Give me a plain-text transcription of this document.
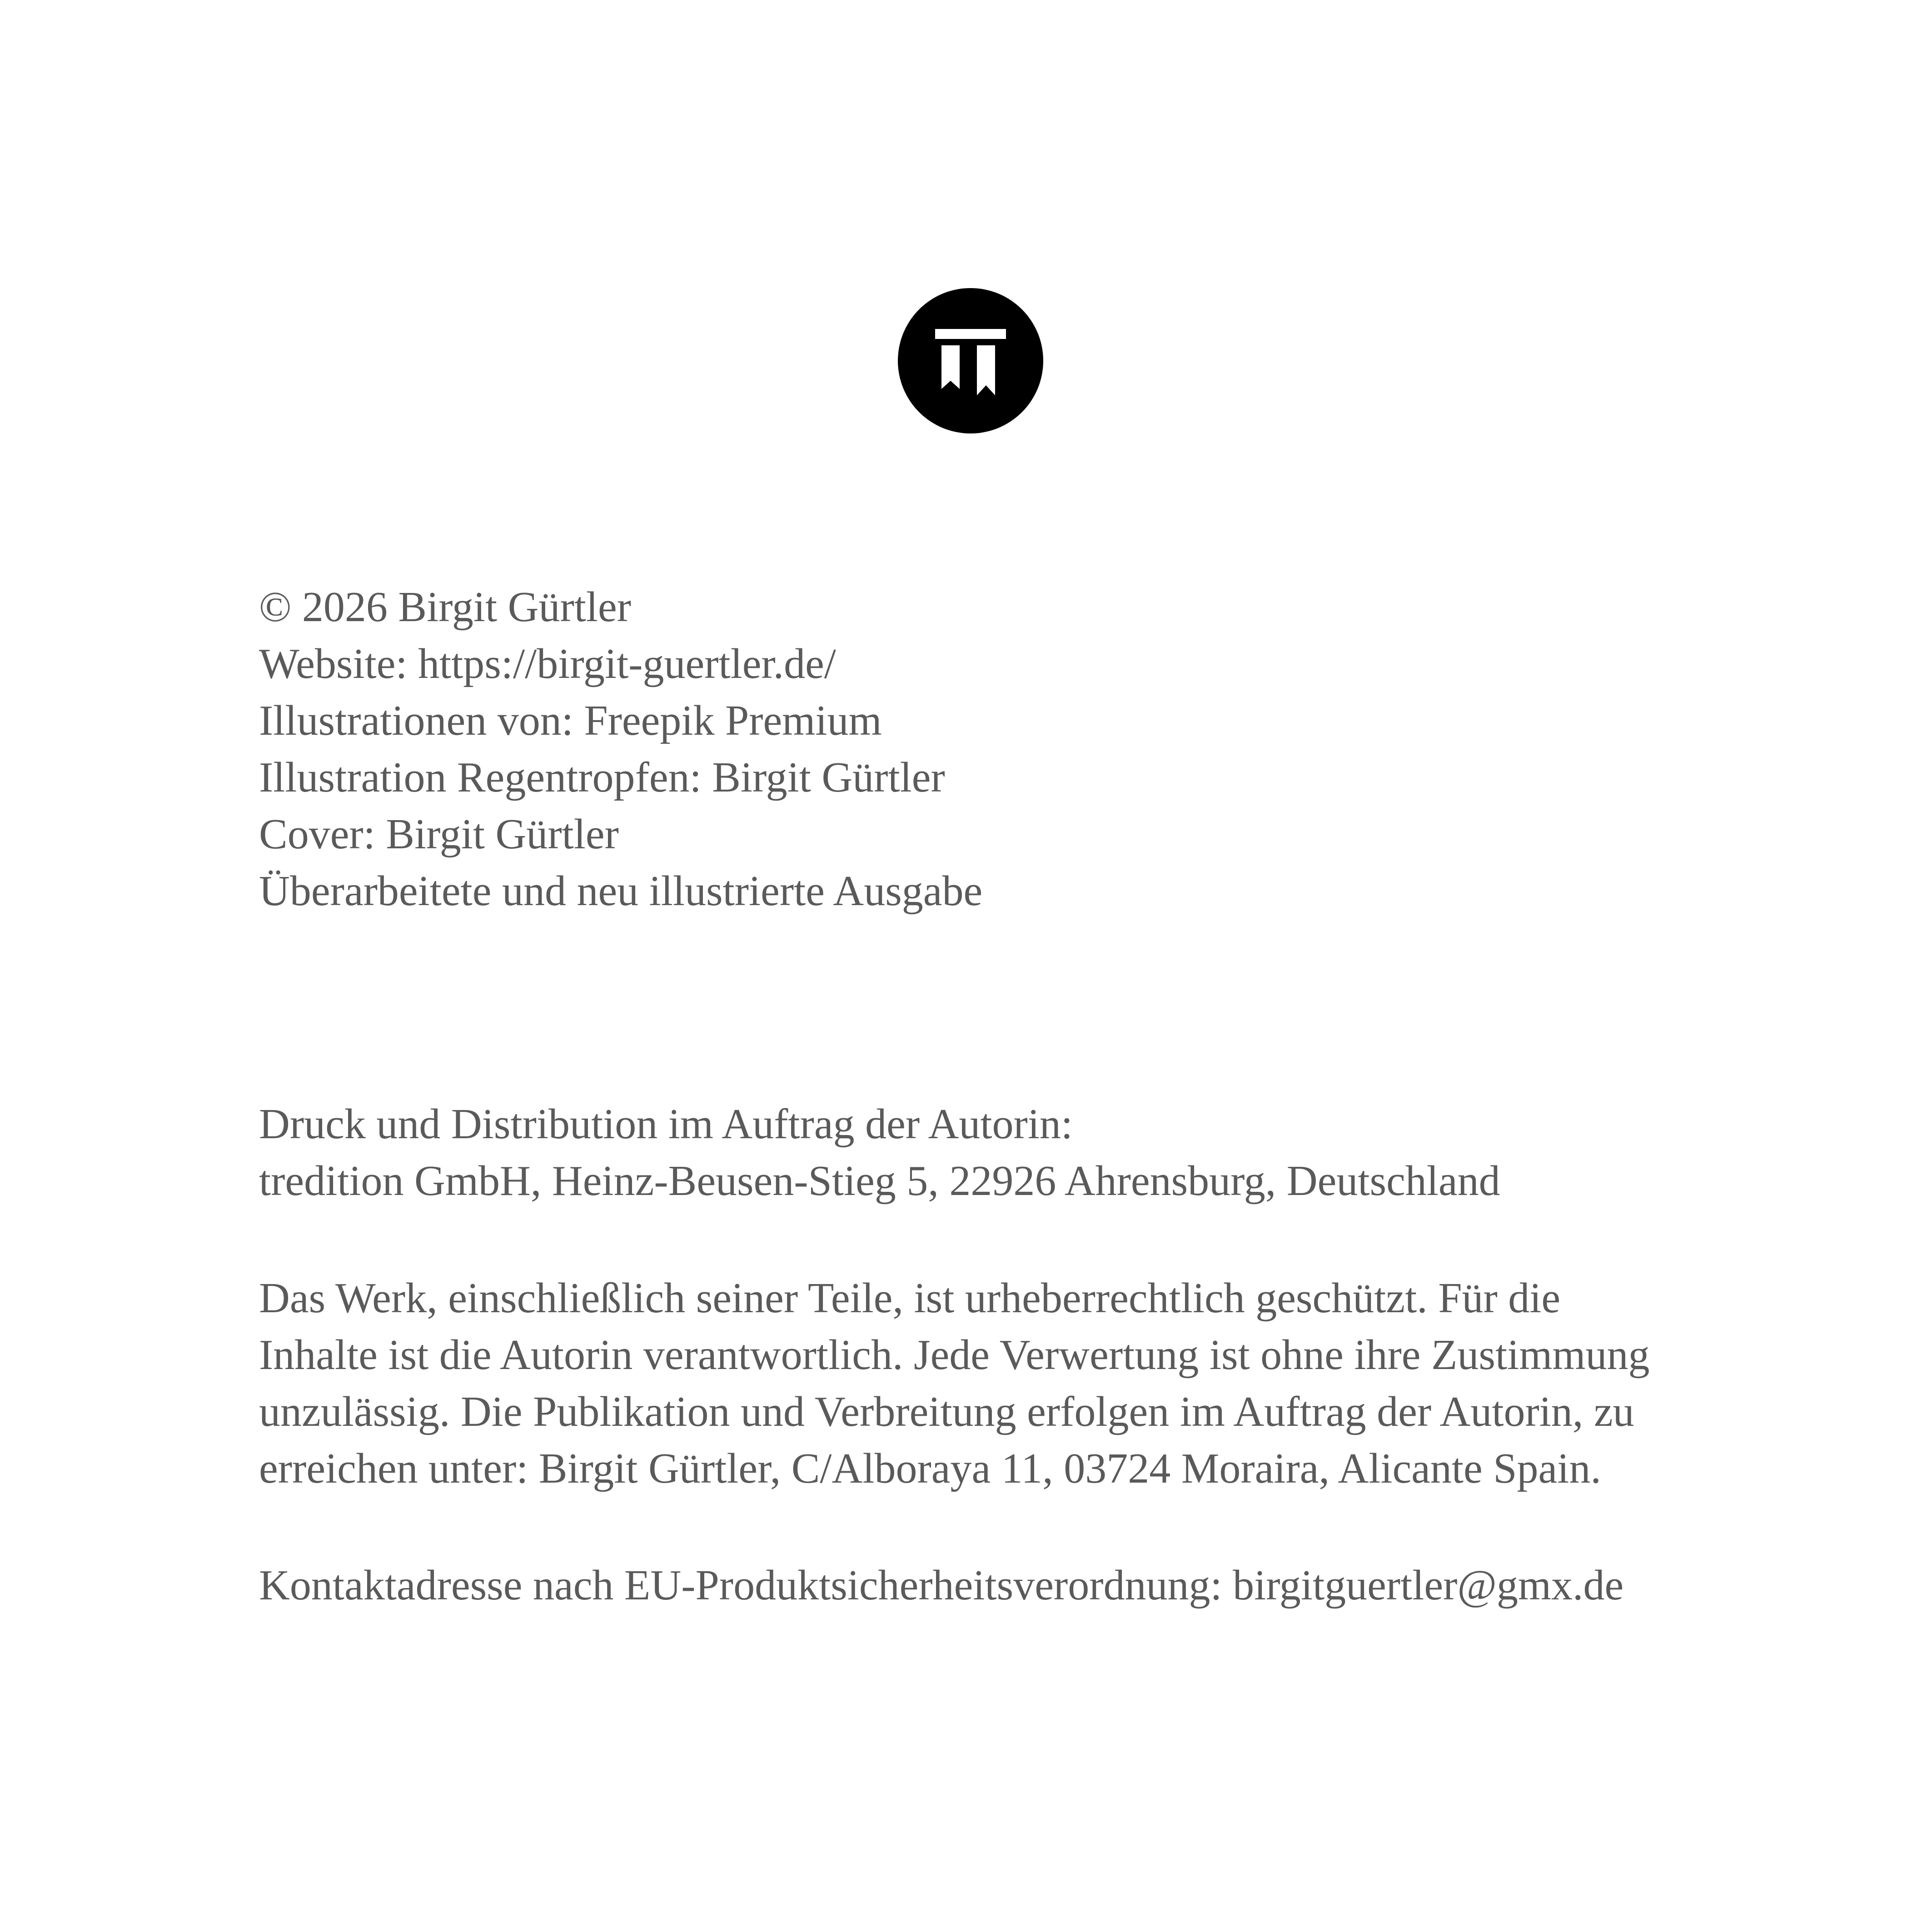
© 2026 Birgit Gürtler

Website: https://birgit-guertler.de/

Illustrationen von: Freepik Premium

Illustration Regentropfen: Birgit Gürtler

Cover: Birgit Gürtler

Überarbeitete und neu illustrierte Ausgabe

Druck und Distribution im Auftrag der Autorin:

tredition GmbH, Heinz-Beusen-Stieg 5, 22926 Ahrensburg, Deutschland

Das Werk, einschließlich seiner Teile, ist urheberrechtlich geschützt. Für die

Inhalte ist die Autorin verantwortlich. Jede Verwertung ist ohne ihre Zustimmung

unzulässig. Die Publikation und Verbreitung erfolgen im Auftrag der Autorin, zu

erreichen unter: Birgit Gürtler, C/Alboraya 11, 03724 Moraira, Alicante Spain.

Kontaktadresse nach EU-Produktsicherheitsverordnung: birgitguertler@gmx.de
